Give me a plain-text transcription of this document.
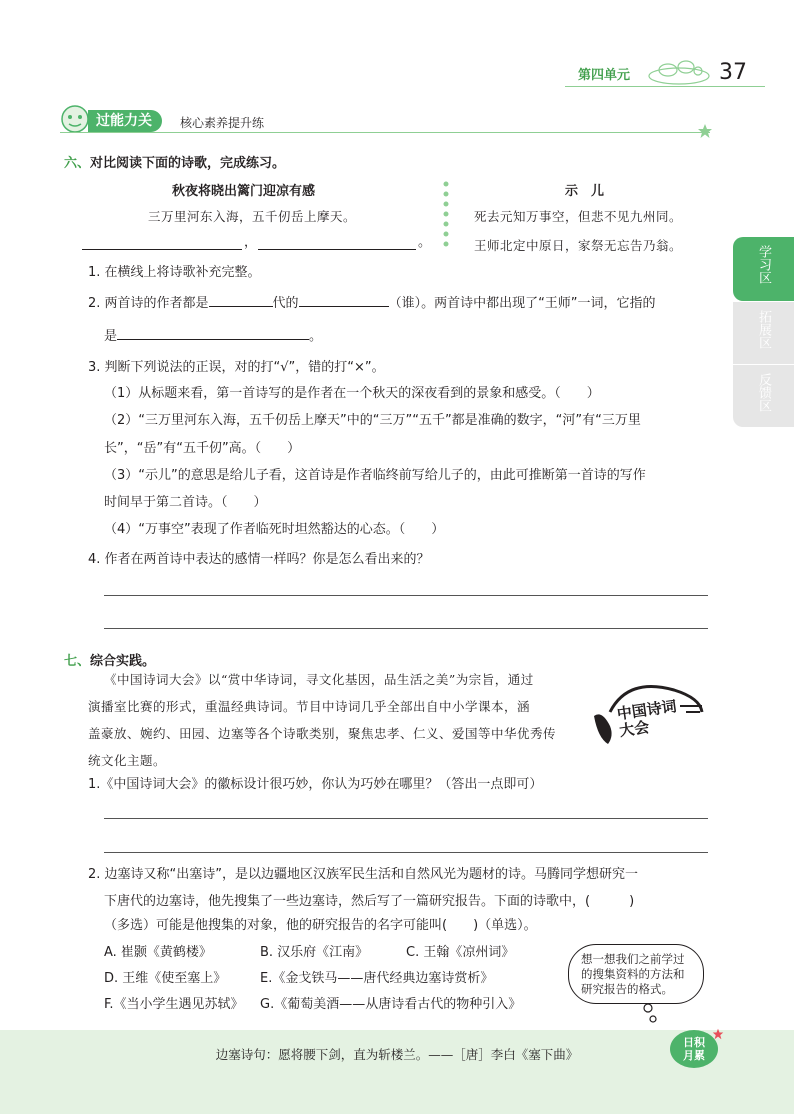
第四单元	37
过能力关	核心素养提升练
学习区
拓展区
反馈区
六、对比阅读下面的诗歌，完成练习。
秋夜将晓出篱门迎凉有感
三万里河东入海，五千仞岳上摩天。
，	。
示　儿
死去元知万事空，但悲不见九州同。
王师北定中原日，家祭无忘告乃翁。
1. 在横线上将诗歌补充完整。
2. 两首诗的作者都是	代的	（谁）。两首诗中都出现了“王师”一词，它指的
是	。
3. 判断下列说法的正误，对的打“√”，错的打“×”。
（1）从标题来看，第一首诗写的是作者在一个秋天的深夜看到的景象和感受。（　　）
（2）“三万里河东入海，五千仞岳上摩天”中的“三万”“五千”都是准确的数字，“河”有“三万里
长”，“岳”有“五千仞”高。（　　）
（3）“示儿”的意思是给儿子看，这首诗是作者临终前写给儿子的，由此可推断第一首诗的写作
时间早于第二首诗。（　　）
（4）“万事空”表现了作者临死时坦然豁达的心态。（　　）
4. 作者在两首诗中表达的感情一样吗？你是怎么看出来的？
七、综合实践。
《中国诗词大会》以“赏中华诗词，寻文化基因，品生活之美”为宗旨，通过
演播室比赛的形式，重温经典诗词。节目中诗词几乎全部出自中小学课本，涵
盖豪放、婉约、田园、边塞等各个诗歌类别，聚焦忠孝、仁义、爱国等中华优秀传
统文化主题。
中国诗词大会
1.《中国诗词大会》的徽标设计很巧妙，你认为巧妙在哪里？（答出一点即可）
2. 边塞诗又称“出塞诗”，是以边疆地区汉族军民生活和自然风光为题材的诗。马腾同学想研究一
下唐代的边塞诗，他先搜集了一些边塞诗，然后写了一篇研究报告。下面的诗歌中，(　　　)
（多选）可能是他搜集的对象，他的研究报告的名字可能叫(　　)（单选）。
A. 崔颢《黄鹤楼》	B. 汉乐府《江南》	C. 王翰《凉州词》
D. 王维《使至塞上》	E.《金戈铁马——唐代经典边塞诗赏析》
F.《当小学生遇见苏轼》 G.《葡萄美酒——从唐诗看古代的物种引入》
想一想我们之前学过的搜集资料的方法和研究报告的格式。
边塞诗句：愿将腰下剑，直为斩楼兰。——［唐］李白《塞下曲》
日积
月累
